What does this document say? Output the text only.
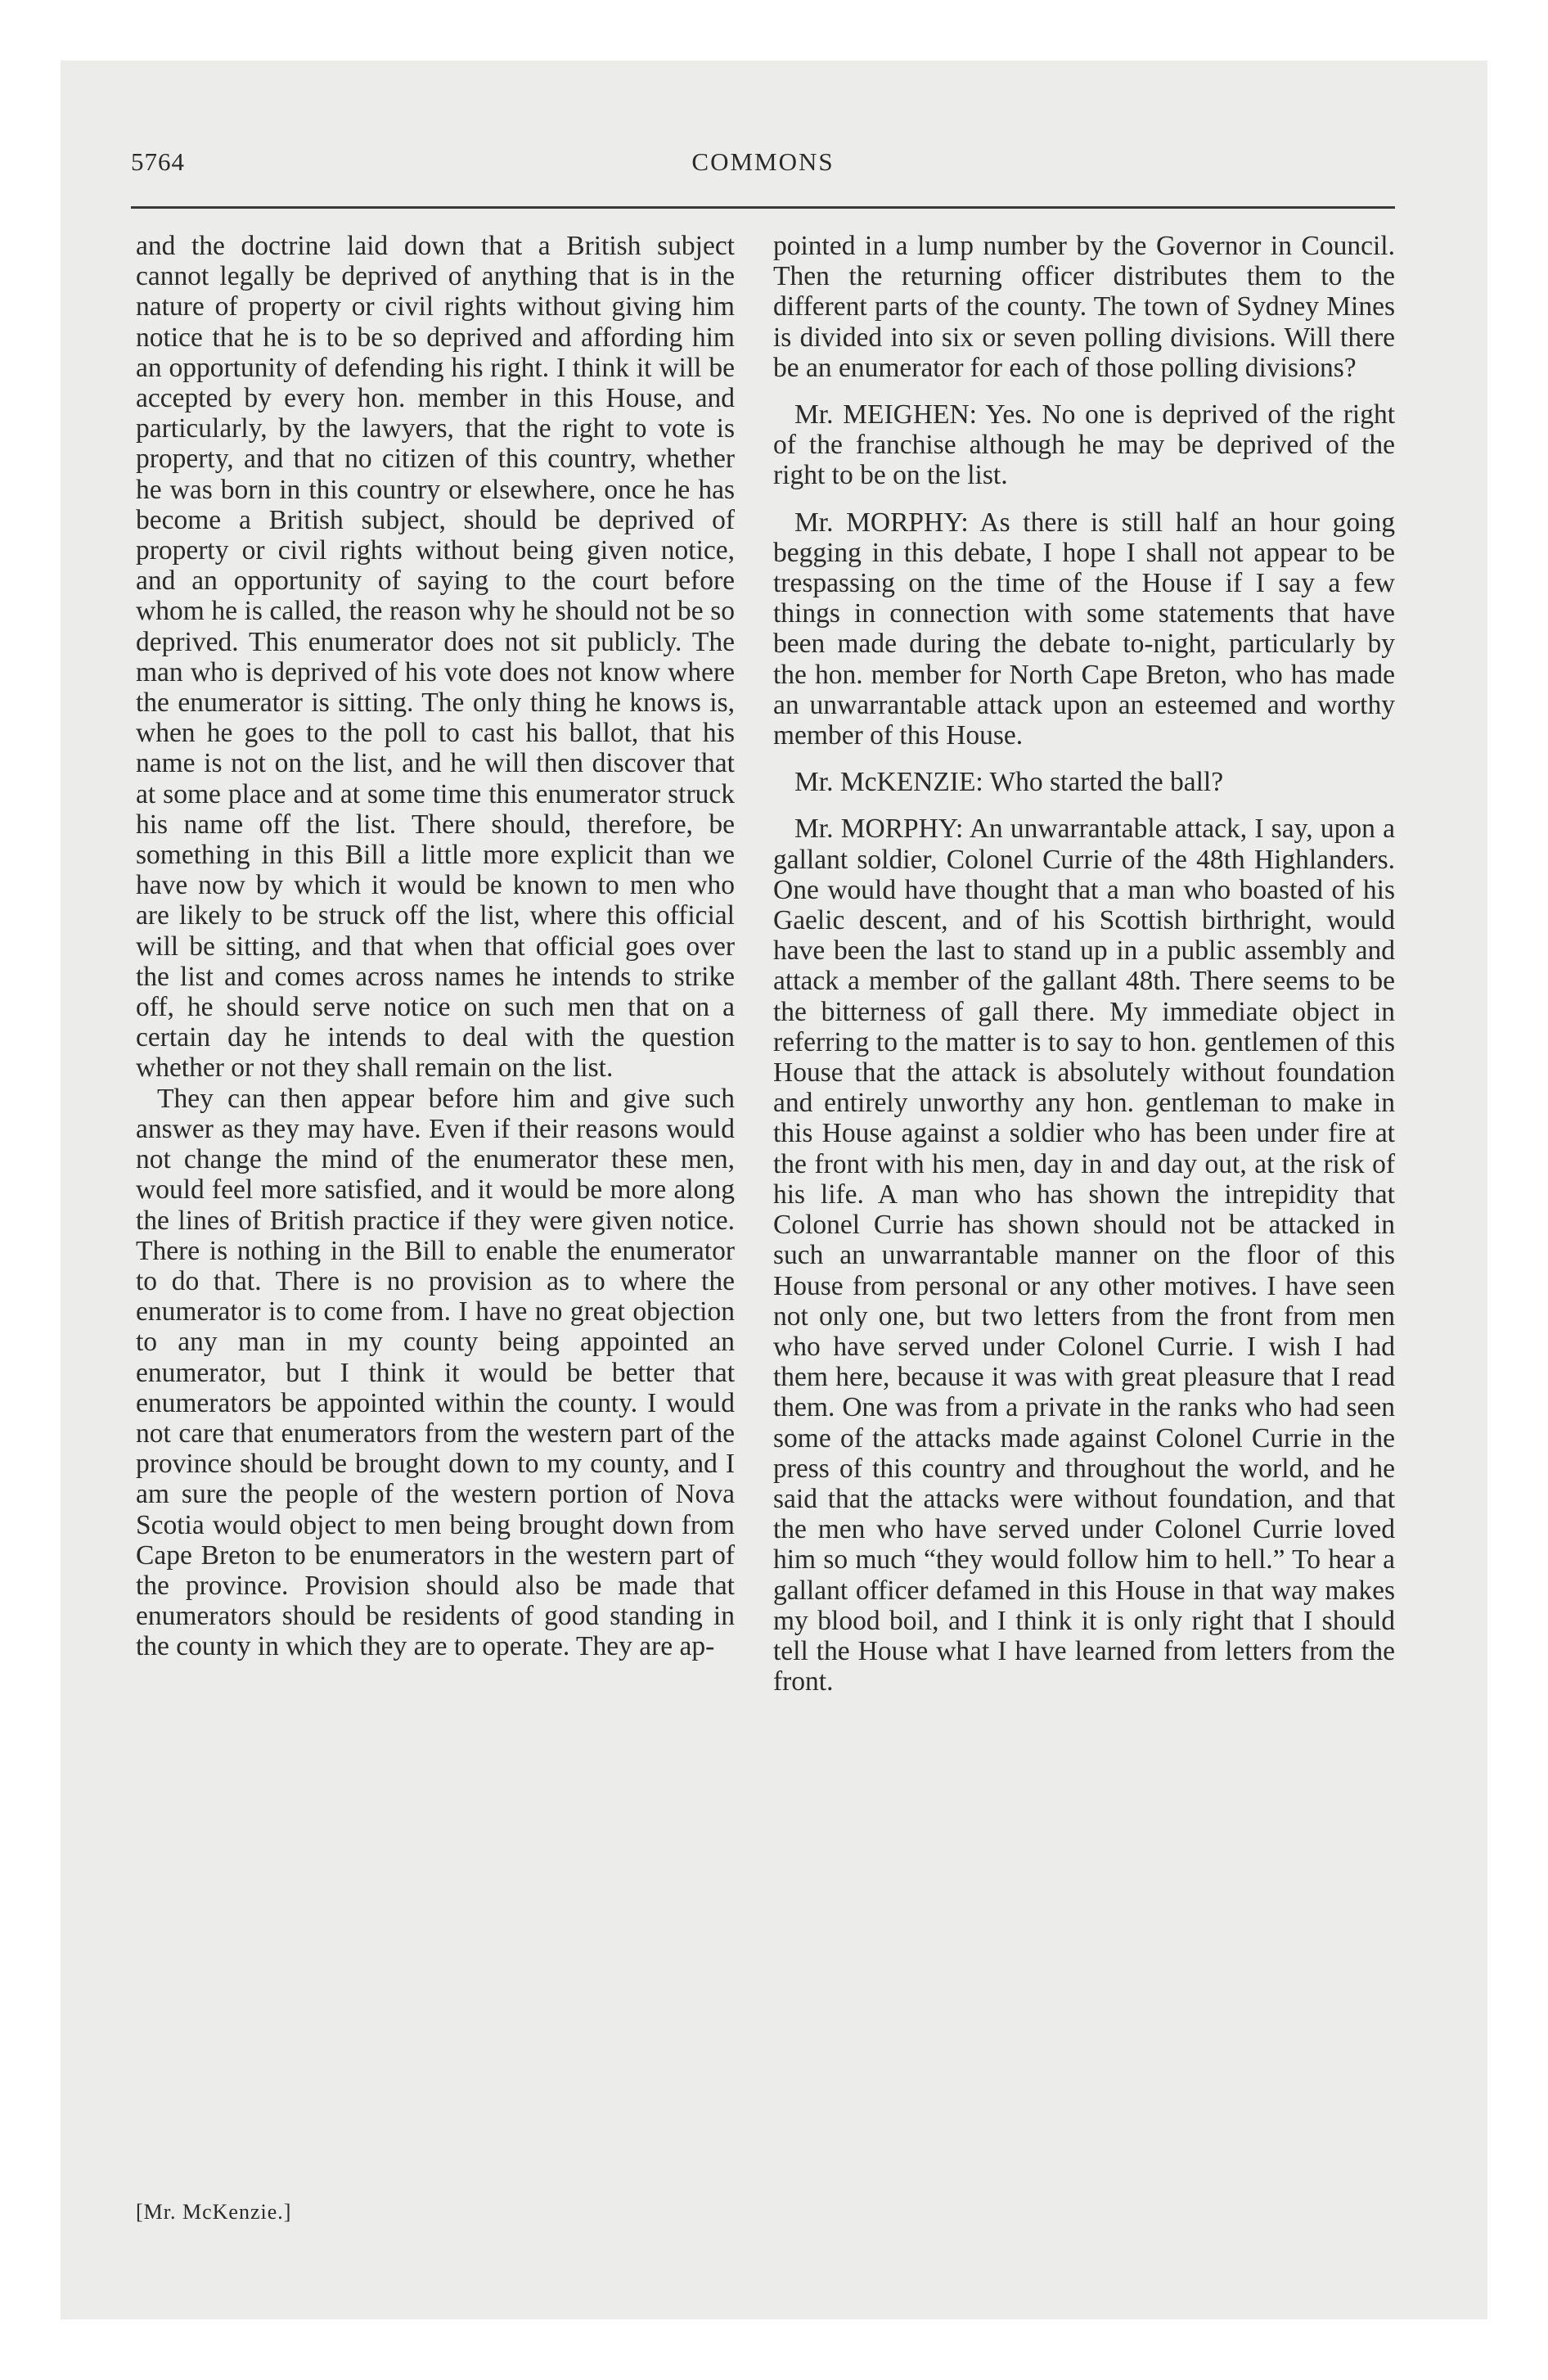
5764	COMMONS

and the doctrine laid down that a British subject cannot legally be deprived of anything that is in the nature of property or civil rights without giving him notice that he is to be so deprived and affording him an opportunity of defending his right. I think it will be accepted by every hon. member in this House, and particularly, by the lawyers, that the right to vote is property, and that no citizen of this country, whether he was born in this country or elsewhere, once he has become a British subject, should be deprived of property or civil rights without being given notice, and an opportunity of saying to the court before whom he is called, the reason why he should not be so deprived. This enumerator does not sit publicly. The man who is deprived of his vote does not know where the enumerator is sitting. The only thing he knows is, when he goes to the poll to cast his ballot, that his name is not on the list, and he will then discover that at some place and at some time this enumerator struck his name off the list. There should, therefore, be something in this Bill a little more explicit than we have now by which it would be known to men who are likely to be struck off the list, where this official will be sitting, and that when that official goes over the list and comes across names he intends to strike off, he should serve notice on such men that on a certain day he intends to deal with the question whether or not they shall remain on the list.

They can then appear before him and give such answer as they may have. Even if their reasons would not change the mind of the enumerator these men, would feel more satisfied, and it would be more along the lines of British practice if they were given notice. There is nothing in the Bill to enable the enumerator to do that. There is no provision as to where the enumerator is to come from. I have no great objection to any man in my county being appointed an enumerator, but I think it would be better that enumerators be appointed within the county. I would not care that enumerators from the western part of the province should be brought down to my county, and I am sure the people of the western portion of Nova Scotia would object to men being brought down from Cape Breton to be enumerators in the western part of the province. Provision should also be made that enumerators should be residents of good standing in the county in which they are to operate. They are ap-

pointed in a lump number by the Governor in Council. Then the returning officer distributes them to the different parts of the county. The town of Sydney Mines is divided into six or seven polling divisions. Will there be an enumerator for each of those polling divisions?

Mr. MEIGHEN: Yes. No one is deprived of the right of the franchise although he may be deprived of the right to be on the list.

Mr. MORPHY: As there is still half an hour going begging in this debate, I hope I shall not appear to be trespassing on the time of the House if I say a few things in connection with some statements that have been made during the debate to-night, particularly by the hon. member for North Cape Breton, who has made an unwarrantable attack upon an esteemed and worthy member of this House.

Mr. McKENZIE: Who started the ball?

Mr. MORPHY: An unwarrantable attack, I say, upon a gallant soldier, Colonel Currie of the 48th Highlanders. One would have thought that a man who boasted of his Gaelic descent, and of his Scottish birthright, would have been the last to stand up in a public assembly and attack a member of the gallant 48th. There seems to be the bitterness of gall there. My immediate object in referring to the matter is to say to hon. gentlemen of this House that the attack is absolutely without foundation and entirely unworthy any hon. gentleman to make in this House against a soldier who has been under fire at the front with his men, day in and day out, at the risk of his life. A man who has shown the intrepidity that Colonel Currie has shown should not be attacked in such an unwarrantable manner on the floor of this House from personal or any other motives. I have seen not only one, but two letters from the front from men who have served under Colonel Currie. I wish I had them here, because it was with great pleasure that I read them. One was from a private in the ranks who had seen some of the attacks made against Colonel Currie in the press of this country and throughout the world, and he said that the attacks were without foundation, and that the men who have served under Colonel Currie loved him so much “they would follow him to hell.” To hear a gallant officer defamed in this House in that way makes my blood boil, and I think it is only right that I should tell the House what I have learned from letters from the front.

[Mr. McKenzie.]
